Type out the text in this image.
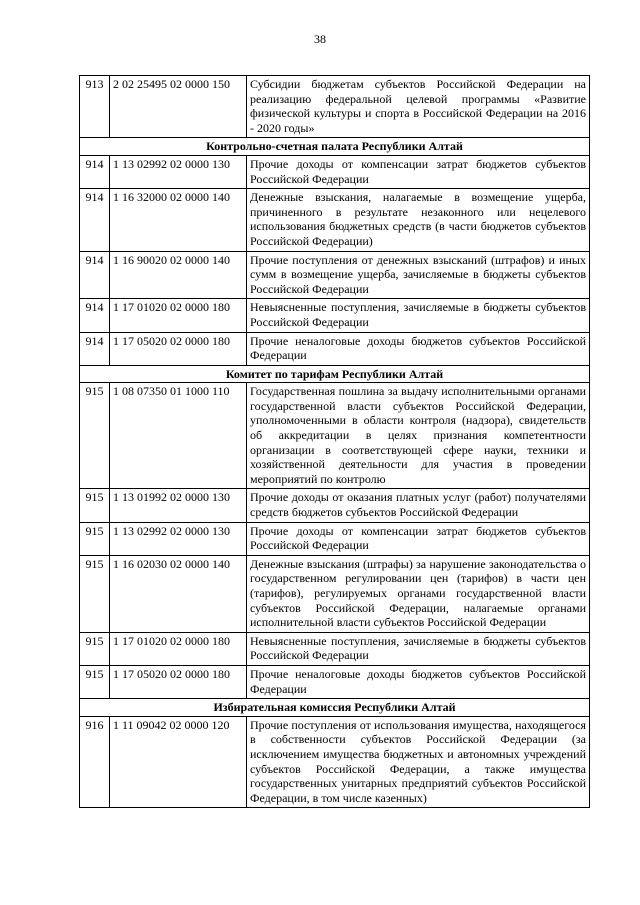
38
913	2 02 25495 02 0000 150	Субсидии бюджетам субъектов Российской Федерации на реализацию федеральной целевой программы «Развитие физической культуры и спорта в Российской Федерации на 2016 - 2020 годы»
Контрольно-счетная палата Республики Алтай		
914	1 13 02992 02 0000 130	Прочие доходы от компенсации затрат бюджетов субъектов Российской Федерации
914	1 16 32000 02 0000 140	Денежные взыскания, налагаемые в возмещение ущерба, причиненного в результате незаконного или нецелевого использования бюджетных средств (в части бюджетов субъектов Российской Федерации)
914	1 16 90020 02 0000 140	Прочие поступления от денежных взысканий (штрафов) и иных сумм в возмещение ущерба, зачисляемые в бюджеты субъектов Российской Федерации
914	1 17 01020 02 0000 180	Невыясненные поступления, зачисляемые в бюджеты субъектов Российской Федерации
914	1 17 05020 02 0000 180	Прочие неналоговые доходы бюджетов субъектов Российской Федерации
Комитет по тарифам Республики Алтай		
915	1 08 07350 01 1000 110	Государственная пошлина за выдачу исполнительными органами государственной власти субъектов Российской Федерации, уполномоченными в области контроля (надзора), свидетельств об аккредитации в целях признания компетентности организации в соответствующей сфере науки, техники и хозяйственной деятельности для участия в проведении мероприятий по контролю
915	1 13 01992 02 0000 130	Прочие доходы от оказания платных услуг (работ) получателями средств бюджетов субъектов Российской Федерации
915	1 13 02992 02 0000 130	Прочие доходы от компенсации затрат бюджетов субъектов Российской Федерации
915	1 16 02030 02 0000 140	Денежные взыскания (штрафы) за нарушение законодательства о государственном регулировании цен (тарифов) в части цен (тарифов), регулируемых органами государственной власти субъектов Российской Федерации, налагаемые органами исполнительной власти субъектов Российской Федерации
915	1 17 01020 02 0000 180	Невыясненные поступления, зачисляемые в бюджеты субъектов Российской Федерации
915	1 17 05020 02 0000 180	Прочие неналоговые доходы бюджетов субъектов Российской Федерации
Избирательная комиссия Республики Алтай		
916	1 11 09042 02 0000 120	Прочие поступления от использования имущества, находящегося в собственности субъектов Российской Федерации (за исключением имущества бюджетных и автономных учреждений субъектов Российской Федерации, а также имущества государственных унитарных предприятий субъектов Российской Федерации, в том числе казенных)
